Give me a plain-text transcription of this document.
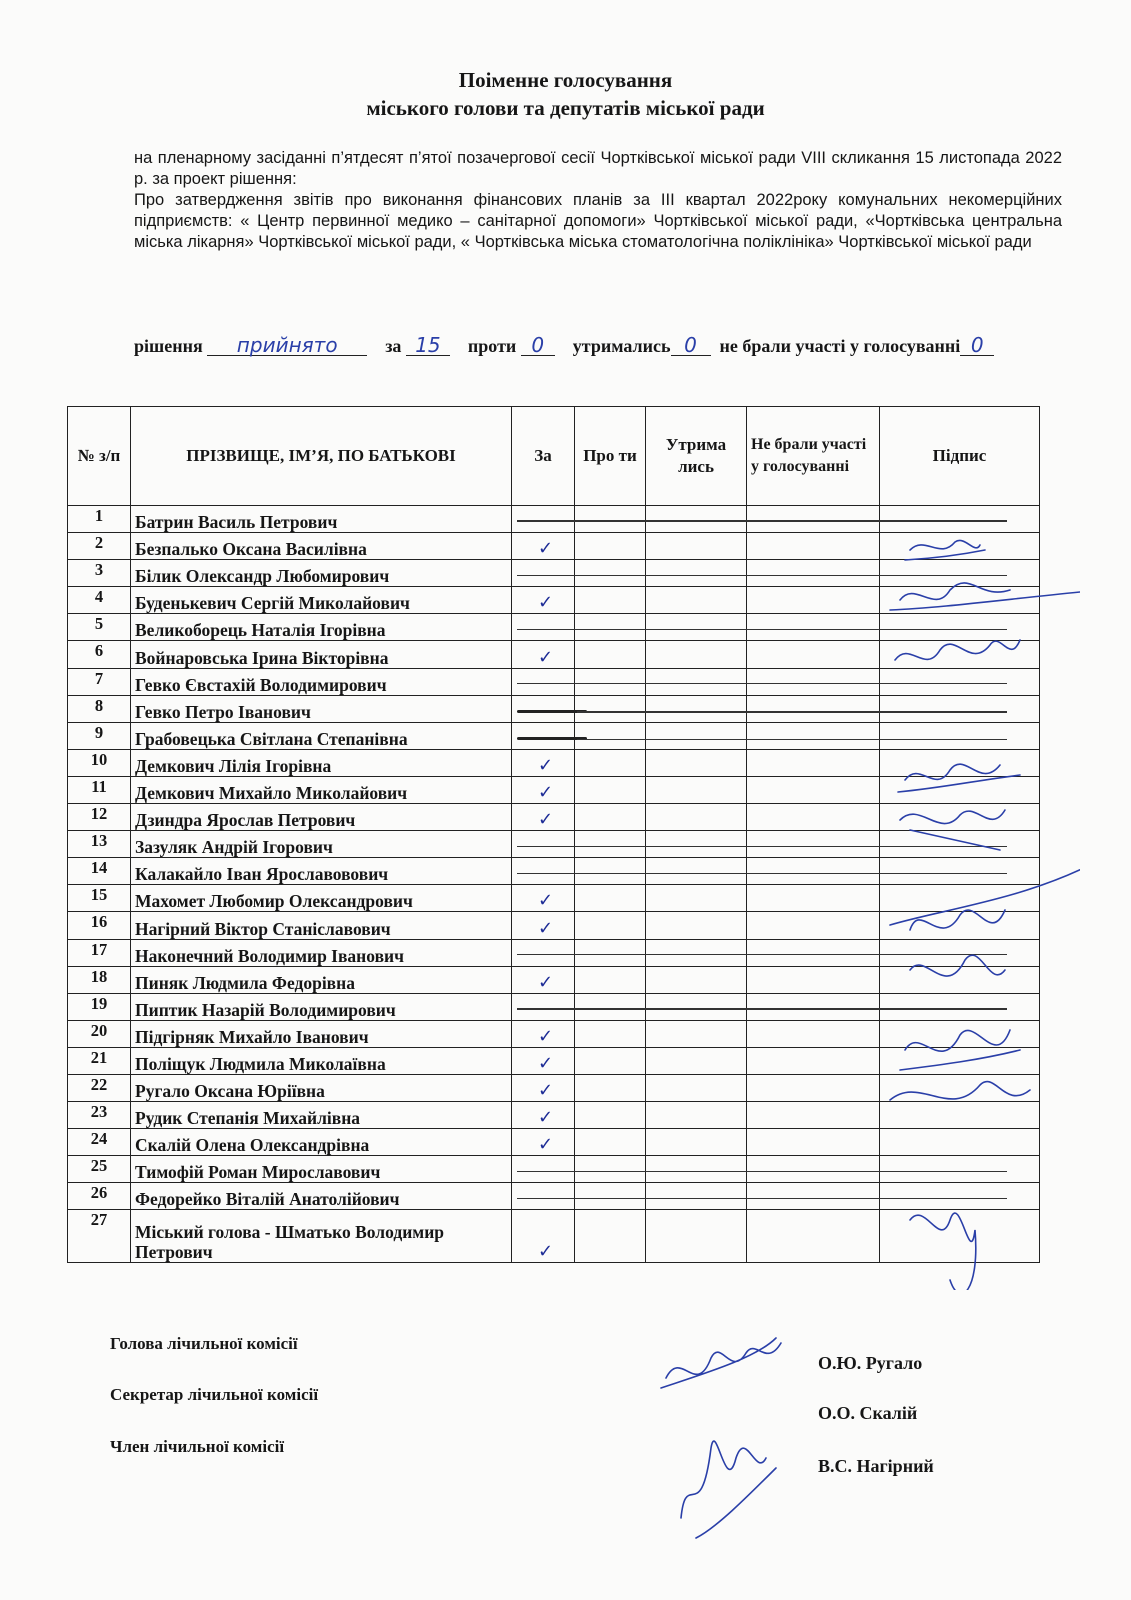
Поіменне голосування
міського голови та депутатів міської ради

на пленарному засіданні п’ятдесят п’ятої позачергової сесії Чортківської міської ради VIII скликання 15 листопада 2022 р. за проект рішення:

Про затвердження звітів про виконання фінансових планів за ІІІ квартал 2022року комунальних некомерційних підприємств: « Центр первинної медико – санітарної допомоги» Чортківської міської ради, «Чортківська центральна міська лікарня» Чортківської міської ради, « Чортківська міська стоматологічна поліклініка» Чортківської міської ради

рішення прийнято	за 15 проти 0 утримались 0 не брали участі у голосуванні 0
№ з/п	ПРІЗВИЩЕ, ІМ’Я, ПО БАТЬКОВІ	За	Про ти	Утрима лись	Не брали участі у голосуванні	Підпис
1	Батрин Василь Петрович					
2	Безпалько Оксана Василівна	✓				
3	Білик Олександр Любомирович					
4	Буденькевич Сергій Миколайович	✓				
5	Великоборець Наталія Ігорівна					
6	Войнаровська Ірина Вікторівна	✓				
7	Гевко Євстахій Володимирович					
8	Гевко Петро Іванович					
9	Грабовецька Світлана Степанівна					
10	Демкович Лілія Ігорівна	✓				
11	Демкович Михайло Миколайович	✓				
12	Дзиндра Ярослав Петрович	✓				
13	Зазуляк Андрій Ігорович					
14	Калакайло Іван Ярославовович					
15	Махомет Любомир Олександрович	✓				
16	Нагірний Віктор Станіславович	✓				
17	Наконечний Володимир Іванович					
18	Пиняк Людмила Федорівна	✓				
19	Пиптик Назарій Володимирович					
20	Підгірняк Михайло Іванович	✓				
21	Поліщук Людмила Миколаївна	✓				
22	Ругало Оксана Юріївна	✓				
23	Рудик Степанія Михайлівна	✓				
24	Скалій Олена Олександрівна	✓				
25	Тимофій Роман Мирославович					
26	Федорейко Віталій Анатолійович					
27	Міський голова - Шматько Володимир Петрович	✓				
Голова лічильної комісії
Секретар лічильної комісії
Член лічильної комісії
О.Ю. Ругало
О.О. Скалій
В.С. Нагірний
